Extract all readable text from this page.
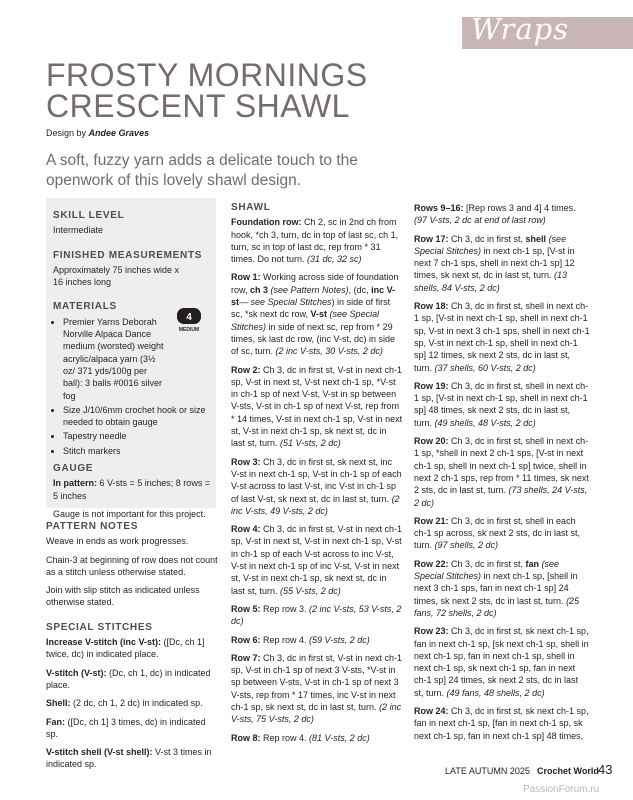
Wraps
FROSTY MORNINGS
CRESCENT SHAWL
Design by Andee Graves
A soft, fuzzy yarn adds a delicate touch to the openwork of this lovely shawl design.
4
MEDIUM
SKILL LEVEL

Intermediate

FINISHED MEASUREMENTS

Approximately 75 inches wide x 16 inches long

MATERIALS
• Premier Yarns Deborah Norville Alpaca Dance medium (worsted) weight acrylic/alpaca yarn (3½ oz/ 371 yds/100g per ball): 3 balls #0016 silver fog
• Size J/10/6mm crochet hook or size needed to obtain gauge
• Tapestry needle
• Stitch markers
GAUGE

In pattern: 6 V-sts = 5 inches; 8 rows = 5 inches

Gauge is not important for this project.

PATTERN NOTES

Weave in ends as work progresses.

Chain-3 at beginning of row does not count as a stitch unless otherwise stated.

Join with slip stitch as indicated unless otherwise stated.

SPECIAL STITCHES

Increase V-stitch (inc V-st): ([Dc, ch 1] twice, dc) in indicated place.

V-stitch (V-st): (Dc, ch 1, dc) in indicated place.

Shell: (2 dc, ch 1, 2 dc) in indicated sp.

Fan: ([Dc, ch 1] 3 times, dc) in indicated sp.

V-stitch shell (V-st shell): V-st 3 times in indicated sp.

SHAWL

Foundation row: Ch 2, sc in 2nd ch from hook, *ch 3, turn, dc in top of last sc, ch 1, turn, sc in top of last dc, rep from * 31 times. Do not turn. (31 dc, 32 sc)

Row 1: Working across side of foundation row, ch 3 (see Pattern Notes), (dc, inc V-st— see Special Stitches) in side of first sc, *sk next dc row, V-st (see Special Stitches) in side of next sc, rep from * 29 times, sk last dc row, (inc V-st, dc) in side of sc, turn. (2 inc V-sts, 30 V-sts, 2 dc)

Row 2: Ch 3, dc in first st, V-st in next ch-1 sp, V-st in next st, V-st next ch-1 sp, *V-st in ch-1 sp of next V-st, V-st in sp between V-sts, V-st in ch-1 sp of next V-st, rep from * 14 times, V-st in next ch-1 sp, V-st in next st, V-st in next ch-1 sp, sk next st, dc in last st, turn. (51 V-sts, 2 dc)

Row 3: Ch 3, dc in first st, sk next st, inc V-st in next ch-1 sp, V-st in ch-1 sp of each V-st across to last V-st, inc V-st in ch-1 sp of last V-st, sk next st, dc in last st, turn. (2 inc V-sts, 49 V-sts, 2 dc)

Row 4: Ch 3, dc in first st, V-st in next ch-1 sp, V-st in next st, V-st in next ch-1 sp, V-st in ch-1 sp of each V-st across to inc V-st, V-st in next ch-1 sp of inc V-st, V-st in next st, V-st in next ch-1 sp, sk next st, dc in last st, turn. (55 V-sts, 2 dc)

Row 5: Rep row 3. (2 inc V-sts, 53 V-sts, 2 dc)

Row 6: Rep row 4. (59 V-sts, 2 dc)

Row 7: Ch 3, dc in first st, V-st in next ch-1 sp, V-st in ch-1 sp of next 3 V-sts, *V-st in sp between V-sts, V-st in ch-1 sp of next 3 V-sts, rep from * 17 times, inc V-st in next ch-1 sp, sk next st, dc in last st, turn. (2 inc V-sts, 75 V-sts, 2 dc)

Row 8: Rep row 4. (81 V-sts, 2 dc)

Rows 9–16: [Rep rows 3 and 4] 4 times. (97 V-sts, 2 dc at end of last row)

Row 17: Ch 3, dc in first st, shell (see Special Stitches) in next ch-1 sp, [V-st in next 7 ch-1 sps, shell in next ch-1 sp] 12 times, sk next st, dc in last st, turn. (13 shells, 84 V-sts, 2 dc)

Row 18: Ch 3, dc in first st, shell in next ch-1 sp, [V-st in next ch-1 sp, shell in next ch-1 sp, V-st in next 3 ch-1 sps, shell in next ch-1 sp, V-st in next ch-1 sp, shell in next ch-1 sp] 12 times, sk next 2 sts, dc in last st, turn. (37 shells, 60 V-sts, 2 dc)

Row 19: Ch 3, dc in first st, shell in next ch-1 sp, [V-st in next ch-1 sp, shell in next ch-1 sp] 48 times, sk next 2 sts, dc in last st, turn. (49 shells, 48 V-sts, 2 dc)

Row 20: Ch 3, dc in first st, shell in next ch-1 sp, *shell in next 2 ch-1 sps, [V-st in next ch-1 sp, shell in next ch-1 sp] twice, shell in next 2 ch-1 sps, rep from * 11 times, sk next 2 sts, dc in last st, turn. (73 shells, 24 V-sts, 2 dc)

Row 21: Ch 3, dc in first st, shell in each ch-1 sp across, sk next 2 sts, dc in last st, turn. (97 shells, 2 dc)

Row 22: Ch 3, dc in first st, fan (see Special Stitches) in next ch-1 sp, [shell in next 3 ch-1 sps, fan in next ch-1 sp] 24 times, sk next 2 sts, dc in last st, turn. (25 fans, 72 shells, 2 dc)

Row 23: Ch 3, dc in first st, sk next ch-1 sp, fan in next ch-1 sp, [sk next ch-1 sp, shell in next ch-1 sp, fan in next ch-1 sp, shell in next ch-1 sp, sk next ch-1 sp, fan in next ch-1 sp] 24 times, sk next 2 sts, dc in last st, turn. (49 fans, 48 shells, 2 dc)

Row 24: Ch 3, dc in first st, sk next ch-1 sp, fan in next ch-1 sp, [fan in next ch-1 sp, sk next ch-1 sp, fan in next ch-1 sp] 48 times,

LATE AUTUMN 2025 Crochet World 43
PassionForum.ru
